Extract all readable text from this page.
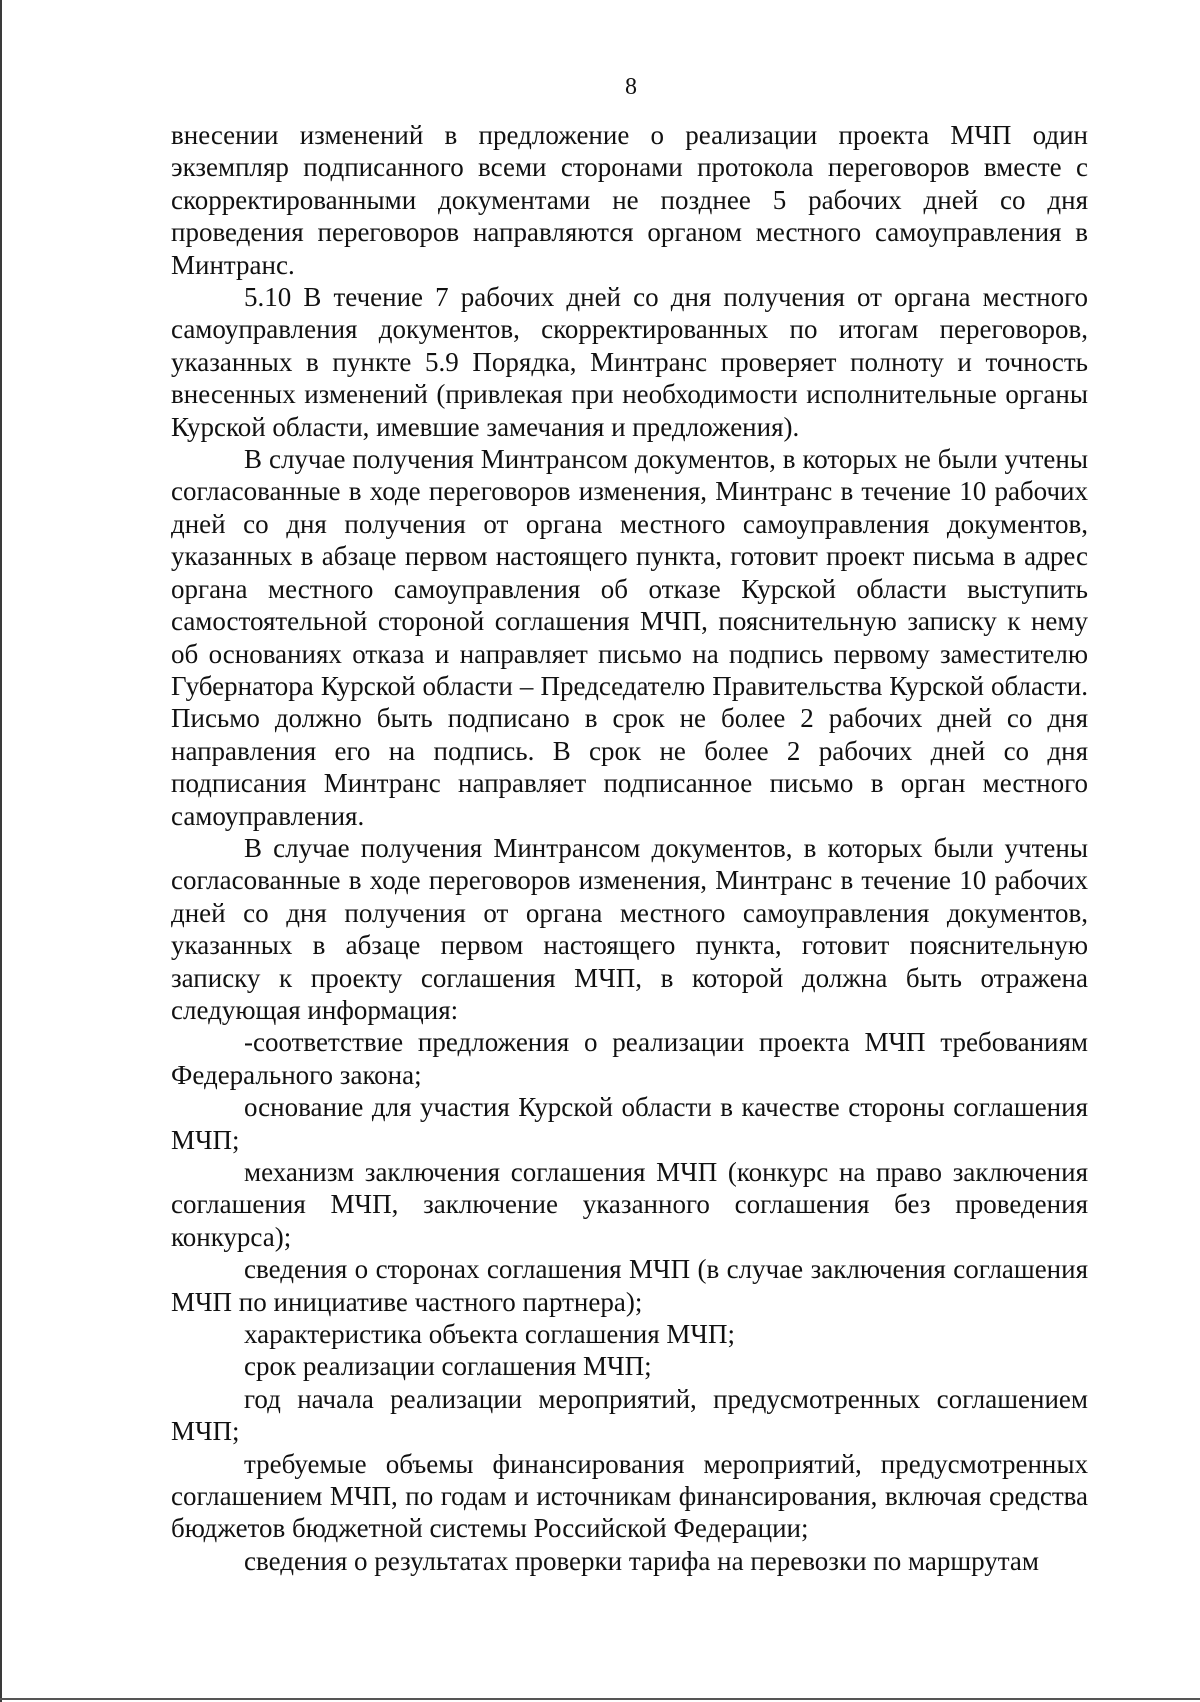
8

внесении изменений в предложение о реализации проекта МЧП один экземпляр подписанного всеми сторонами протокола переговоров вместе с скорректированными документами не позднее 5 рабочих дней со дня проведения переговоров направляются органом местного самоуправления в Минтранс.

5.10 В течение 7 рабочих дней со дня получения от органа местного самоуправления документов, скорректированных по итогам переговоров, указанных в пункте 5.9 Порядка, Минтранс проверяет полноту и точность внесенных изменений (привлекая при необходимости исполнительные органы Курской области, имевшие замечания и предложения).

В случае получения Минтрансом документов, в которых не были учтены согласованные в ходе переговоров изменения, Минтранс в течение 10 рабочих дней со дня получения от органа местного самоуправления документов, указанных в абзаце первом настоящего пункта, готовит проект письма в адрес органа местного самоуправления об отказе Курской области выступить самостоятельной стороной соглашения МЧП, пояснительную записку к нему об основаниях отказа и направляет письмо на подпись первому заместителю Губернатора Курской области – Председателю Правительства Курской области. Письмо должно быть подписано в срок не более 2 рабочих дней со дня направления его на подпись. В срок не более 2 рабочих дней со дня подписания Минтранс направляет подписанное письмо в орган местного самоуправления.

В случае получения Минтрансом документов, в которых были учтены согласованные в ходе переговоров изменения, Минтранс в течение 10 рабочих дней со дня получения от органа местного самоуправления документов, указанных в абзаце первом настоящего пункта, готовит пояснительную записку к проекту соглашения МЧП, в которой должна быть отражена следующая информация:

-соответствие предложения о реализации проекта МЧП требованиям Федерального закона;

основание для участия Курской области в качестве стороны соглашения МЧП;

механизм заключения соглашения МЧП (конкурс на право заключения соглашения МЧП, заключение указанного соглашения без проведения конкурса);

сведения о сторонах соглашения МЧП (в случае заключения соглашения МЧП по инициативе частного партнера);

характеристика объекта соглашения МЧП;

срок реализации соглашения МЧП;

год начала реализации мероприятий, предусмотренных соглашением МЧП;

требуемые объемы финансирования мероприятий, предусмотренных соглашением МЧП, по годам и источникам финансирования, включая средства бюджетов бюджетной системы Российской Федерации;

сведения о результатах проверки тарифа на перевозки по маршрутам
